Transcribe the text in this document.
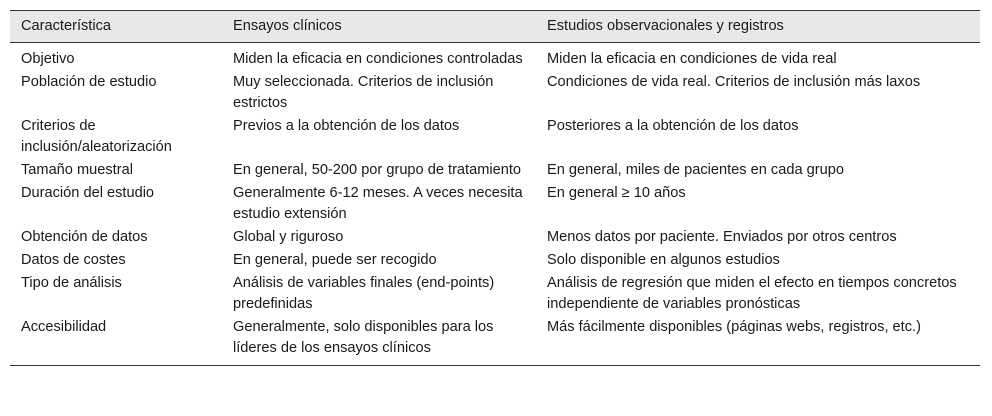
Característica	Ensayos clínicos	Estudios observacionales y registros
Objetivo	Miden la eficacia en condiciones controladas	Miden la eficacia en condiciones de vida real
Población de estudio	Muy seleccionada. Criterios de inclusión estrictos	Condiciones de vida real. Criterios de inclusión más laxos
Criterios de inclusión/aleatorización	Previos a la obtención de los datos	Posteriores a la obtención de los datos
Tamaño muestral	En general, 50-200 por grupo de tratamiento	En general, miles de pacientes en cada grupo
Duración del estudio	Generalmente 6-12 meses. A veces necesita estudio extensión	En general ≥ 10 años
Obtención de datos	Global y riguroso	Menos datos por paciente. Enviados por otros centros
Datos de costes	En general, puede ser recogido	Solo disponible en algunos estudios
Tipo de análisis	Análisis de variables finales (end-points) predefinidas	Análisis de regresión que miden el efecto en tiempos concretos independiente de variables pronósticas
Accesibilidad	Generalmente, solo disponibles para los líderes de los ensayos clínicos	Más fácilmente disponibles (páginas webs, registros, etc.)
